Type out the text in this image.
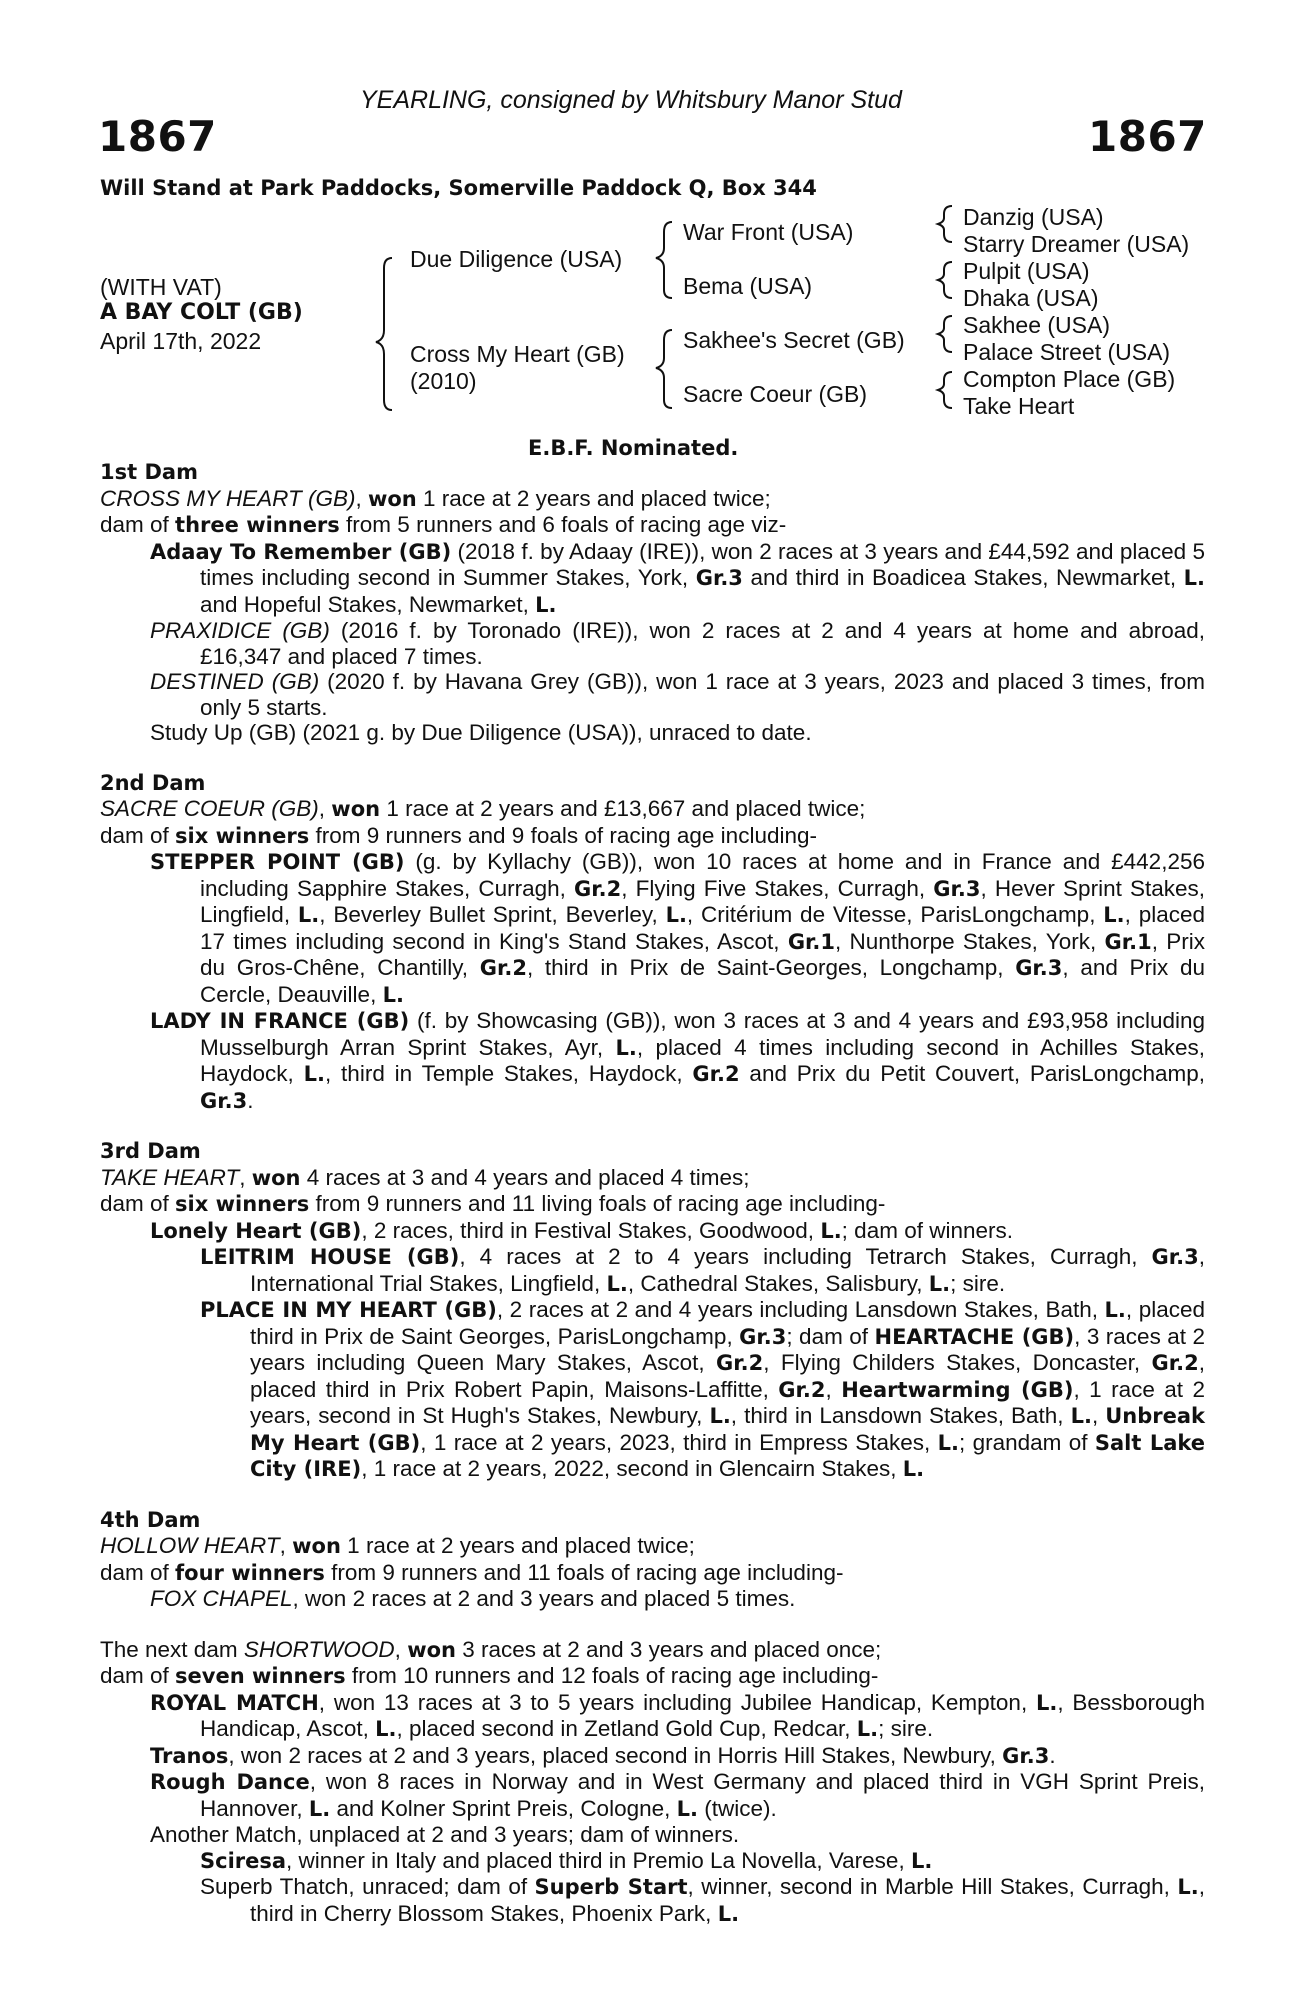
YEARLING, consigned by Whitsbury Manor Stud
1867	1867
Will Stand at Park Paddocks, Somerville Paddock Q, Box 344
(WITH VAT)
A BAY COLT (GB)
April 17th, 2022
Due Diligence (USA)
Cross My Heart (GB)
(2010)
War Front (USA)
Bema (USA)
Sakhee's Secret (GB)
Sacre Coeur (GB)
Danzig (USA)
Starry Dreamer (USA)
Pulpit (USA)
Dhaka (USA)
Sakhee (USA)
Palace Street (USA)
Compton Place (GB)
Take Heart
E.B.F. Nominated.
1st Dam
CROSS MY HEART (GB), won 1 race at 2 years and placed twice;
dam of three winners from 5 runners and 6 foals of racing age viz-
Adaay To Remember (GB) (2018 f. by Adaay (IRE)), won 2 races at 3 years and £44,592 and placed 5 times including second in Summer Stakes, York, Gr.3 and third in Boadicea Stakes, Newmarket, L. and Hopeful Stakes, Newmarket, L.
PRAXIDICE (GB) (2016 f. by Toronado (IRE)), won 2 races at 2 and 4 years at home and abroad, £16,347 and placed 7 times.
DESTINED (GB) (2020 f. by Havana Grey (GB)), won 1 race at 3 years, 2023 and placed 3 times, from only 5 starts.
Study Up (GB) (2021 g. by Due Diligence (USA)), unraced to date.
2nd Dam
SACRE COEUR (GB), won 1 race at 2 years and £13,667 and placed twice;
dam of six winners from 9 runners and 9 foals of racing age including-
STEPPER POINT (GB) (g. by Kyllachy (GB)), won 10 races at home and in France and £442,256 including Sapphire Stakes, Curragh, Gr.2, Flying Five Stakes, Curragh, Gr.3, Hever Sprint Stakes, Lingfield, L., Beverley Bullet Sprint, Beverley, L., Critérium de Vitesse, ParisLongchamp, L., placed 17 times including second in King's Stand Stakes, Ascot, Gr.1, Nunthorpe Stakes, York, Gr.1, Prix du Gros-Chêne, Chantilly, Gr.2, third in Prix de Saint-Georges, Longchamp, Gr.3, and Prix du Cercle, Deauville, L.
LADY IN FRANCE (GB) (f. by Showcasing (GB)), won 3 races at 3 and 4 years and £93,958 including Musselburgh Arran Sprint Stakes, Ayr, L., placed 4 times including second in Achilles Stakes, Haydock, L., third in Temple Stakes, Haydock, Gr.2 and Prix du Petit Couvert, ParisLongchamp, Gr.3.
3rd Dam
TAKE HEART, won 4 races at 3 and 4 years and placed 4 times;
dam of six winners from 9 runners and 11 living foals of racing age including-
Lonely Heart (GB), 2 races, third in Festival Stakes, Goodwood, L.; dam of winners.
LEITRIM HOUSE (GB), 4 races at 2 to 4 years including Tetrarch Stakes, Curragh, Gr.3, International Trial Stakes, Lingfield, L., Cathedral Stakes, Salisbury, L.; sire.
PLACE IN MY HEART (GB), 2 races at 2 and 4 years including Lansdown Stakes, Bath, L., placed third in Prix de Saint Georges, ParisLongchamp, Gr.3; dam of HEARTACHE (GB), 3 races at 2 years including Queen Mary Stakes, Ascot, Gr.2, Flying Childers Stakes, Doncaster, Gr.2, placed third in Prix Robert Papin, Maisons-Laffitte, Gr.2, Heartwarming (GB), 1 race at 2 years, second in St Hugh's Stakes, Newbury, L., third in Lansdown Stakes, Bath, L., Unbreak My Heart (GB), 1 race at 2 years, 2023, third in Empress Stakes, L.; grandam of Salt Lake City (IRE), 1 race at 2 years, 2022, second in Glencairn Stakes, L.
4th Dam
HOLLOW HEART, won 1 race at 2 years and placed twice;
dam of four winners from 9 runners and 11 foals of racing age including-
FOX CHAPEL, won 2 races at 2 and 3 years and placed 5 times.
The next dam SHORTWOOD, won 3 races at 2 and 3 years and placed once;
dam of seven winners from 10 runners and 12 foals of racing age including-
ROYAL MATCH, won 13 races at 3 to 5 years including Jubilee Handicap, Kempton, L., Bessborough Handicap, Ascot, L., placed second in Zetland Gold Cup, Redcar, L.; sire.
Tranos, won 2 races at 2 and 3 years, placed second in Horris Hill Stakes, Newbury, Gr.3.
Rough Dance, won 8 races in Norway and in West Germany and placed third in VGH Sprint Preis, Hannover, L. and Kolner Sprint Preis, Cologne, L. (twice).
Another Match, unplaced at 2 and 3 years; dam of winners.
Sciresa, winner in Italy and placed third in Premio La Novella, Varese, L.
Superb Thatch, unraced; dam of Superb Start, winner, second in Marble Hill Stakes, Curragh, L., third in Cherry Blossom Stakes, Phoenix Park, L.
